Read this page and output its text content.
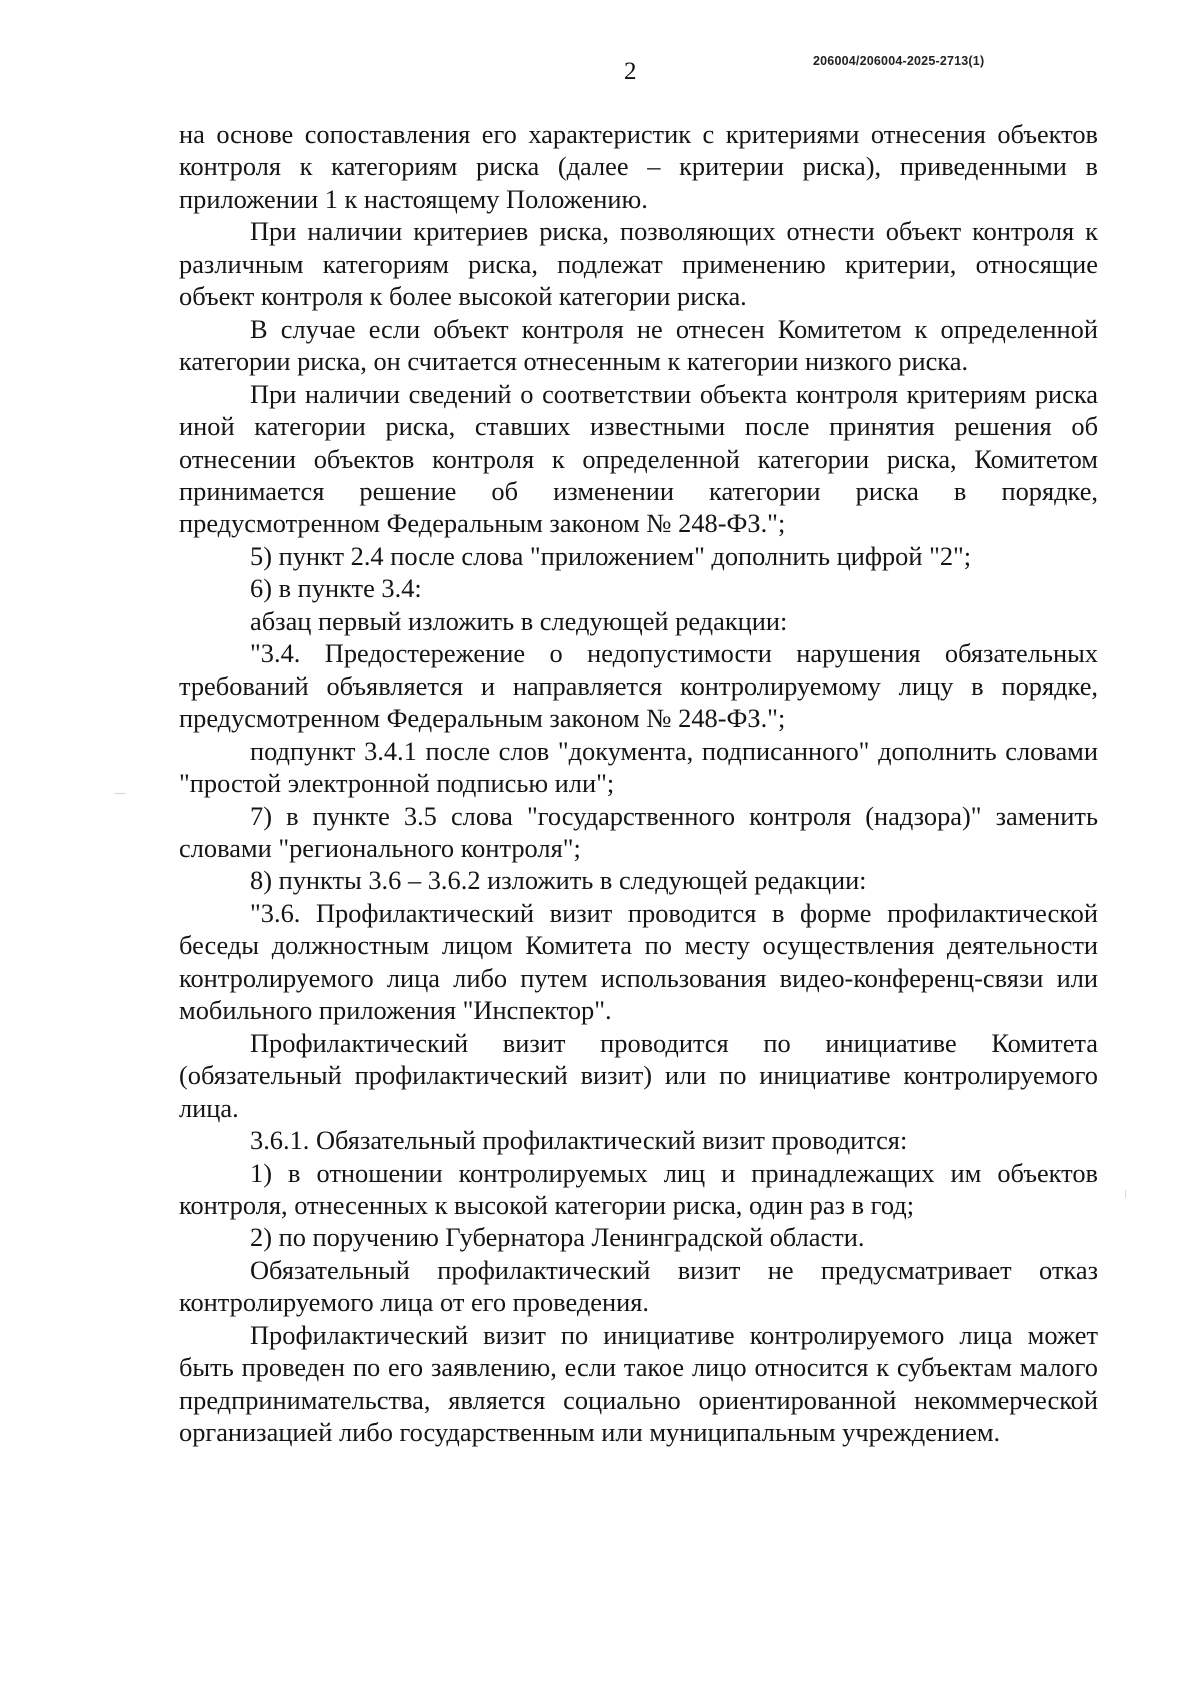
2	206004/206004-2025-2713(1)

на основе сопоставления его характеристик с критериями отнесения объектов контроля к категориям риска (далее – критерии риска), приведенными в приложении 1 к настоящему Положению.

При наличии критериев риска, позволяющих отнести объект контроля к различным категориям риска, подлежат применению критерии, относящие объект контроля к более высокой категории риска.

В случае если объект контроля не отнесен Комитетом к определенной категории риска, он считается отнесенным к категории низкого риска.

При наличии сведений о соответствии объекта контроля критериям риска иной категории риска, ставших известными после принятия решения об отнесении объектов контроля к определенной категории риска, Комитетом принимается решение об изменении категории риска в порядке, предусмотренном Федеральным законом № 248-ФЗ.";

5) пункт 2.4 после слова "приложением" дополнить цифрой "2";

6) в пункте 3.4:

абзац первый изложить в следующей редакции:

"3.4. Предостережение о недопустимости нарушения обязательных требований объявляется и направляется контролируемому лицу в порядке, предусмотренном Федеральным законом № 248-ФЗ.";

подпункт 3.4.1 после слов "документа, подписанного" дополнить словами "простой электронной подписью или";

7) в пункте 3.5 слова "государственного контроля (надзора)" заменить словами "регионального контроля";

8) пункты 3.6 – 3.6.2 изложить в следующей редакции:

"3.6. Профилактический визит проводится в форме профилактической беседы должностным лицом Комитета по месту осуществления деятельности контролируемого лица либо путем использования видео-конференц-связи или мобильного приложения "Инспектор".

Профилактический визит проводится по инициативе Комитета (обязательный профилактический визит) или по инициативе контролируемого лица.

3.6.1. Обязательный профилактический визит проводится:

1) в отношении контролируемых лиц и принадлежащих им объектов контроля, отнесенных к высокой категории риска, один раз в год;

2) по поручению Губернатора Ленинградской области.

Обязательный профилактический визит не предусматривает отказ контролируемого лица от его проведения.

Профилактический визит по инициативе контролируемого лица может быть проведен по его заявлению, если такое лицо относится к субъектам малого предпринимательства, является социально ориентированной некоммерческой организацией либо государственным или муниципальным учреждением.
